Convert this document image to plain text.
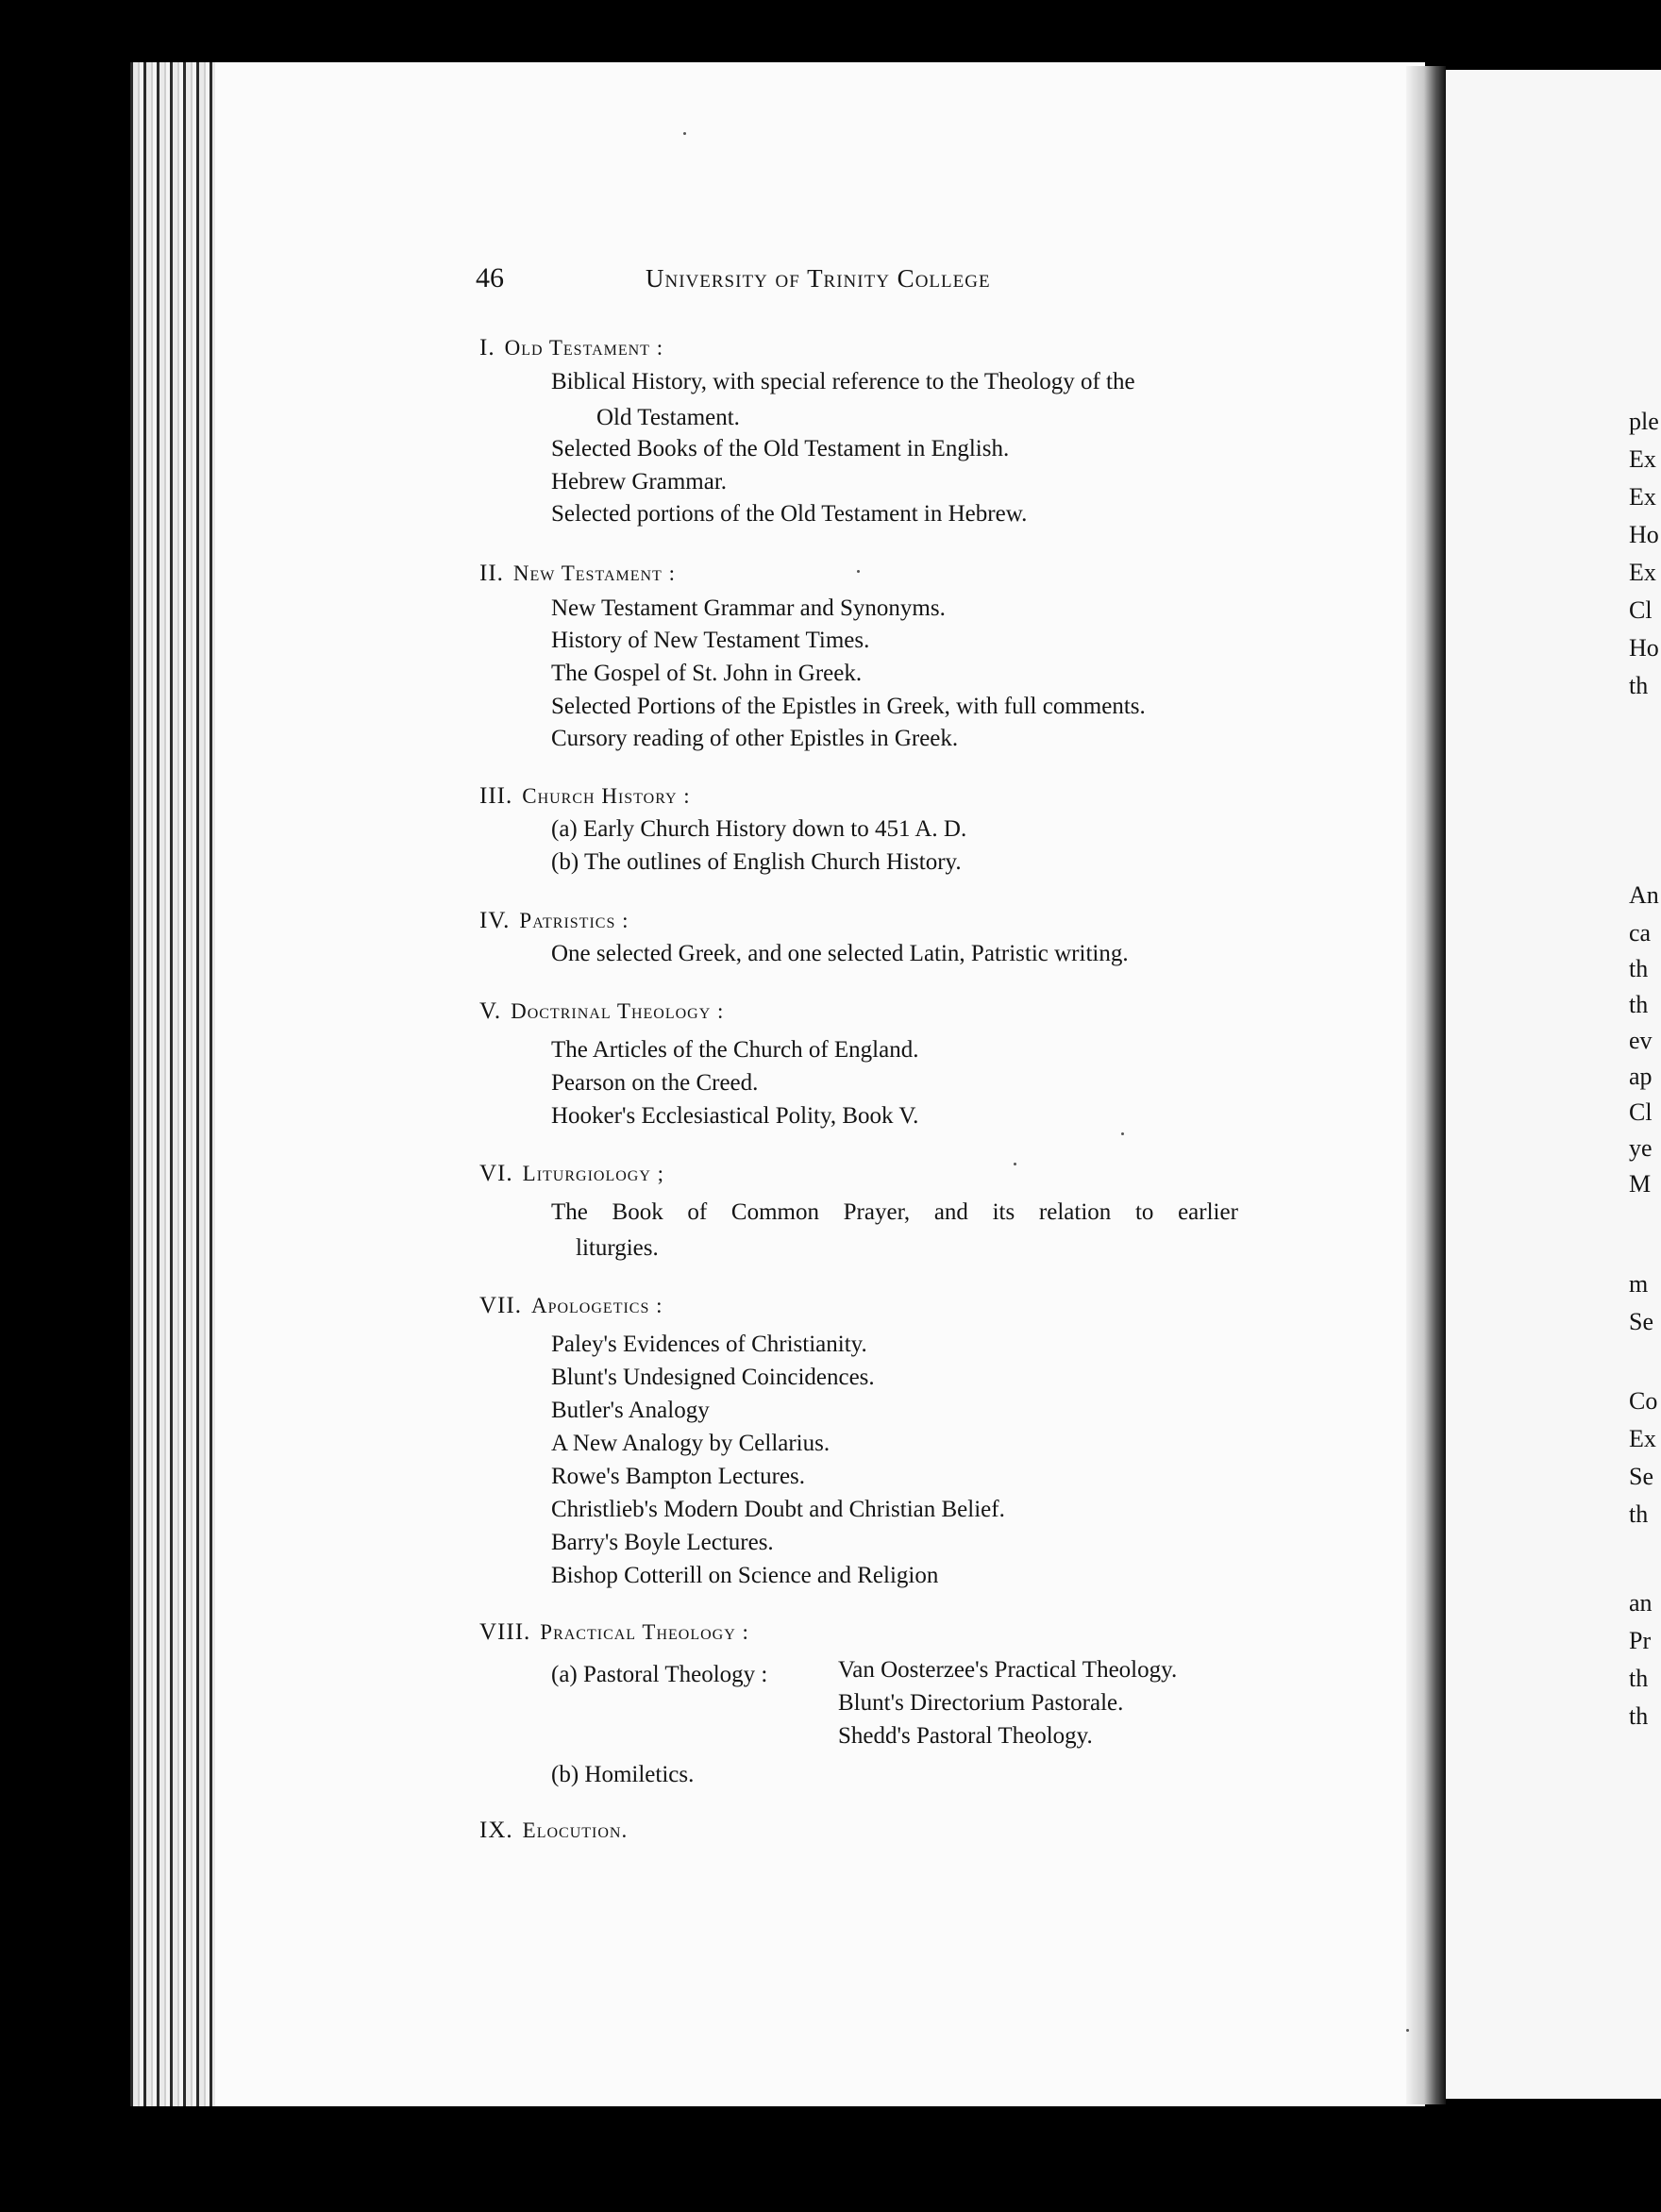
46	University of Trinity College
I. Old Testament :
Biblical History, with special reference to the Theology of the
Old Testament.
Selected Books of the Old Testament in English.
Hebrew Grammar.
Selected portions of the Old Testament in Hebrew.
II. New Testament :
New Testament Grammar and Synonyms.
History of New Testament Times.
The Gospel of St. John in Greek.
Selected Portions of the Epistles in Greek, with full comments.
Cursory reading of other Epistles in Greek.
III. Church History :
(a) Early Church History down to 451 A. D.
(b) The outlines of English Church History.
IV. Patristics :
One selected Greek, and one selected Latin, Patristic writing.
V. Doctrinal Theology :
The Articles of the Church of England.
Pearson on the Creed.
Hooker's Ecclesiastical Polity, Book V.
VI. Liturgiology ;
The Book of Common Prayer, and its relation to earlier
liturgies.
VII. Apologetics :
Paley's Evidences of Christianity.
Blunt's Undesigned Coincidences.
Butler's Analogy
A New Analogy by Cellarius.
Rowe's Bampton Lectures.
Christlieb's Modern Doubt and Christian Belief.
Barry's Boyle Lectures.
Bishop Cotterill on Science and Religion
VIII. Practical Theology :
(a) Pastoral Theology :	Van Oosterzee's Practical Theology.
Blunt's Directorium Pastorale.
Shedd's Pastoral Theology.
(b) Homiletics.
IX. Elocution.
ple
Ex
Ex
Ho
Ex
Cl
Ho
th
An
ca
th
th
ev
ap
Cl
ye
M
m
Se
Co
Ex
Se
th
an
Pr
th
th
